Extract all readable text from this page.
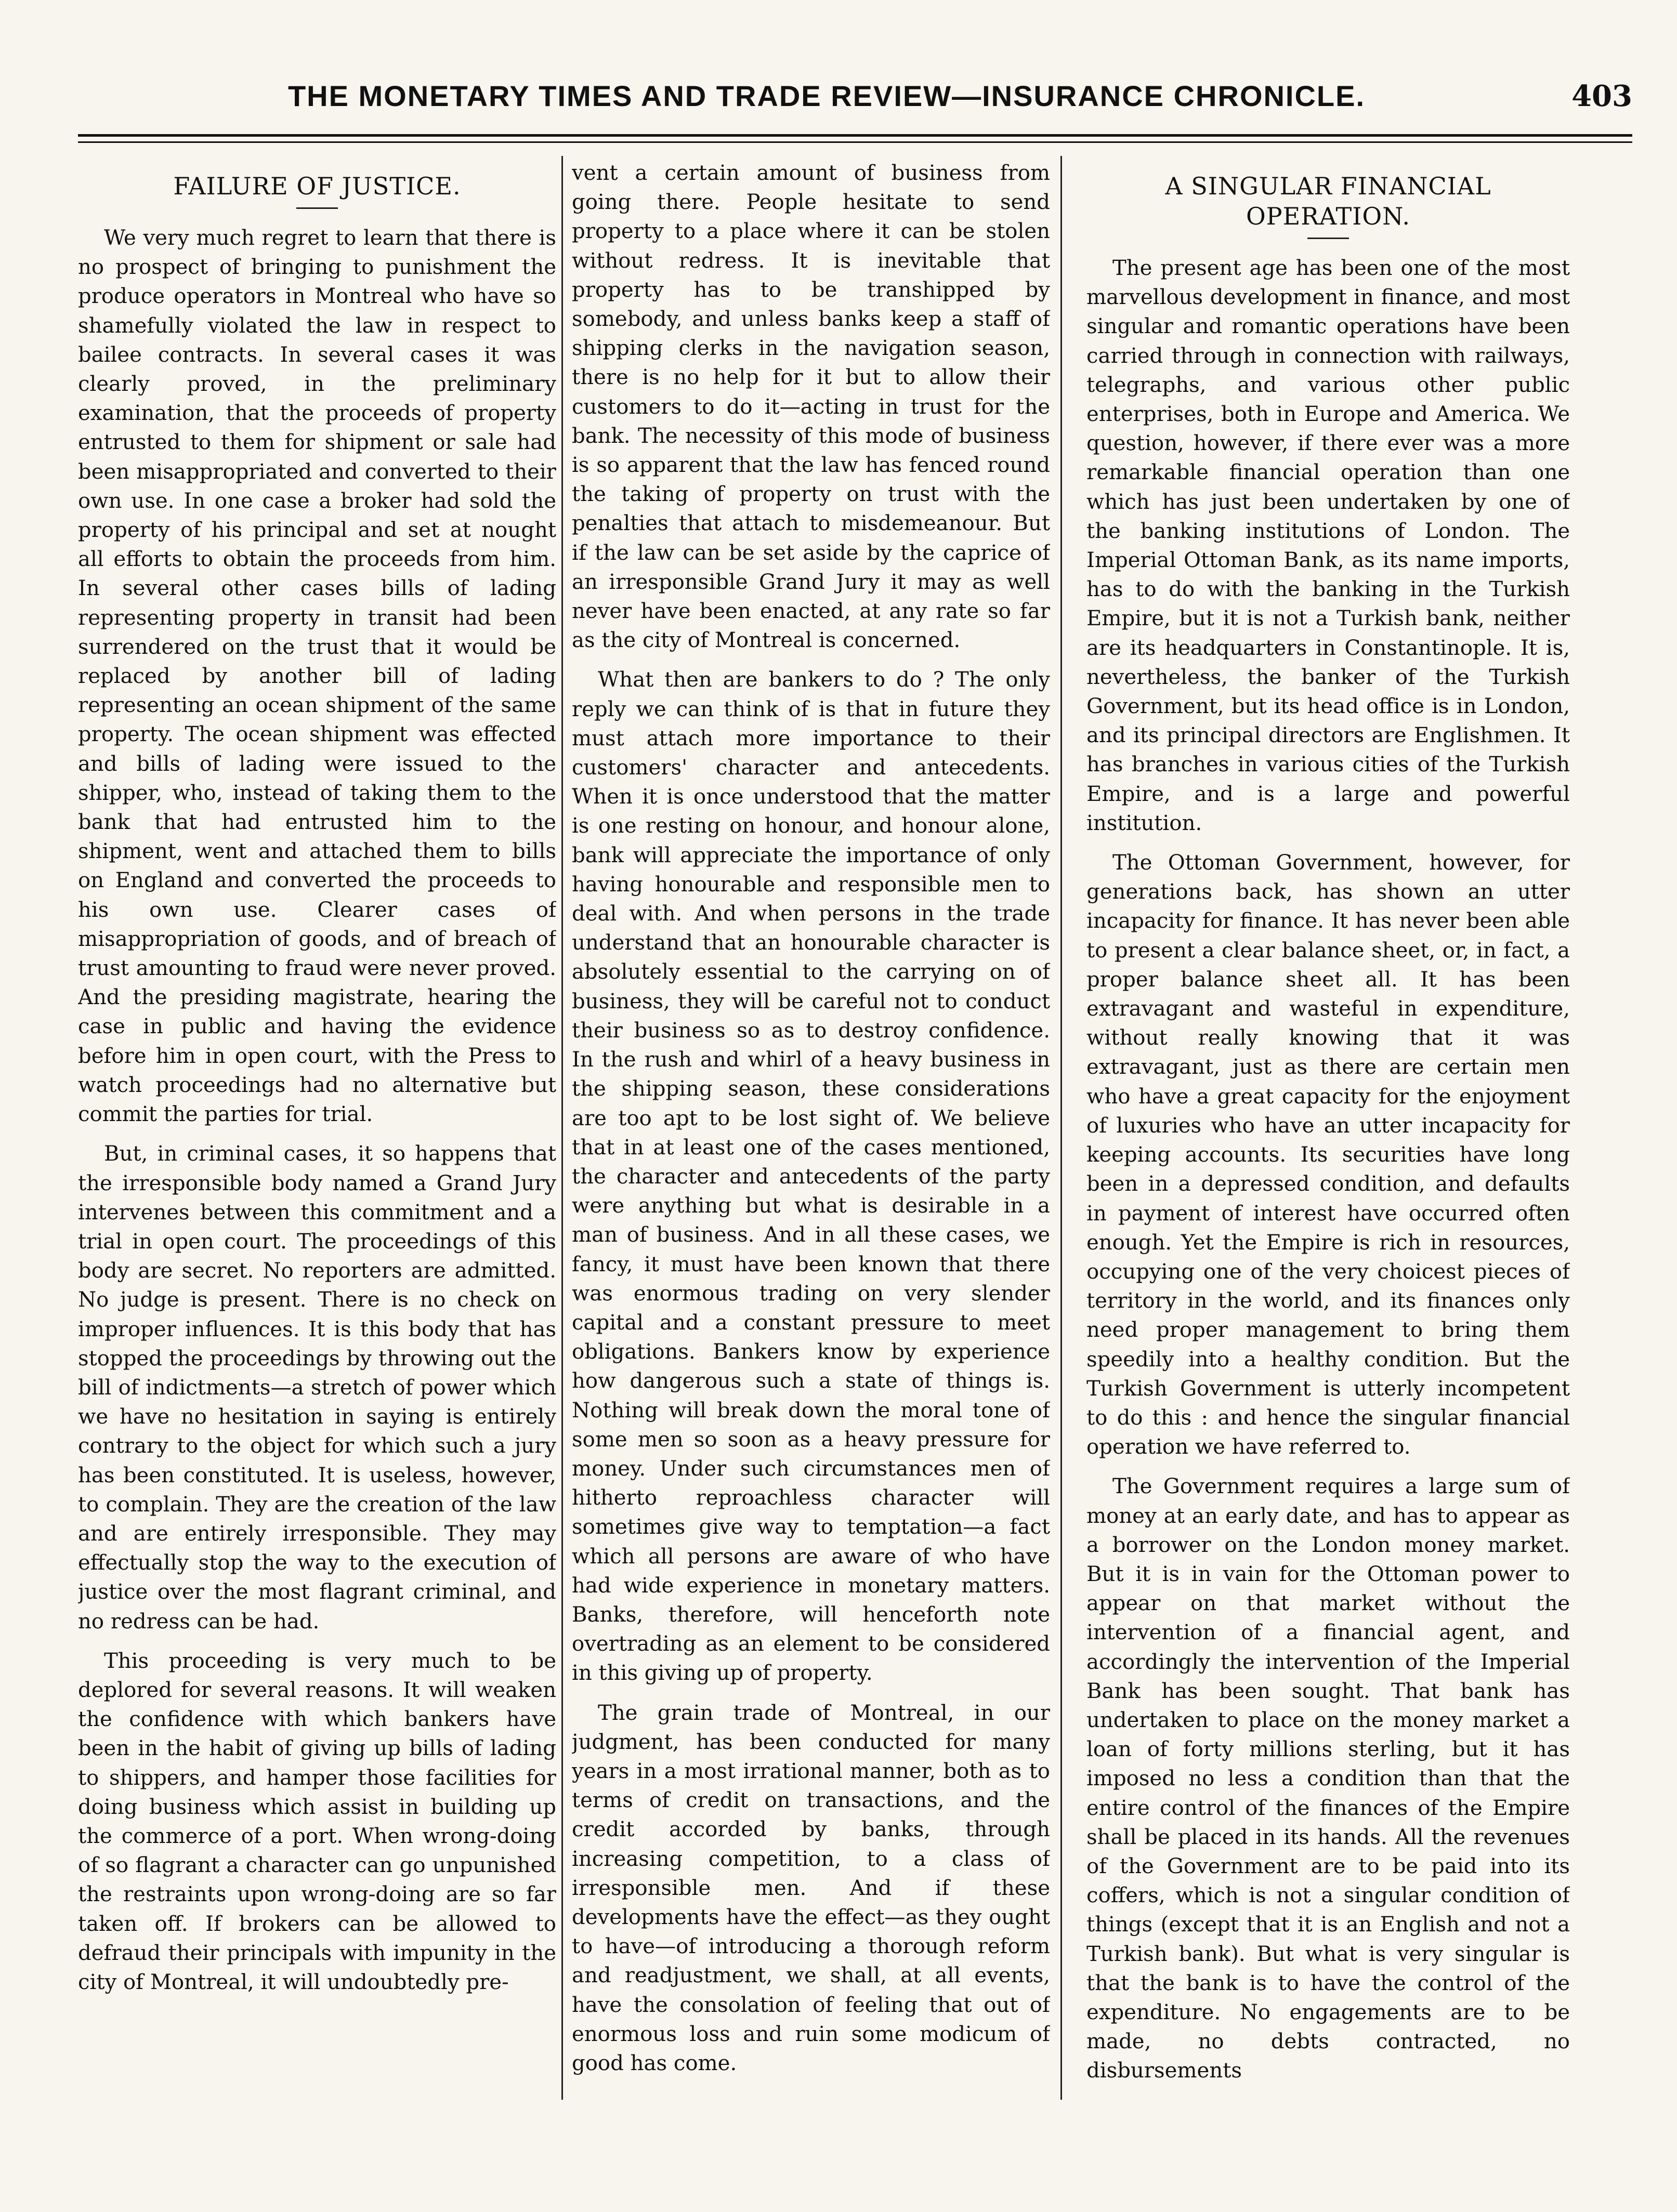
THE MONETARY TIMES AND TRADE REVIEW—INSURANCE CHRONICLE.	403
FAILURE OF JUSTICE.

We very much regret to learn that there is no prospect of bringing to punishment the produce operators in Montreal who have so shamefully violated the law in respect to bailee contracts. In several cases it was clearly proved, in the preliminary examination, that the proceeds of property entrusted to them for shipment or sale had been misappropriated and converted to their own use. In one case a broker had sold the property of his principal and set at nought all efforts to obtain the proceeds from him. In several other cases bills of lading representing property in transit had been surrendered on the trust that it would be replaced by another bill of lading representing an ocean shipment of the same property. The ocean shipment was effected and bills of lading were issued to the shipper, who, instead of taking them to the bank that had entrusted him to the shipment, went and attached them to bills on England and converted the proceeds to his own use. Clearer cases of misappropriation of goods, and of breach of trust amounting to fraud were never proved. And the presiding magistrate, hearing the case in public and having the evidence before him in open court, with the Press to watch proceedings had no alternative but commit the parties for trial.

But, in criminal cases, it so happens that the irresponsible body named a Grand Jury intervenes between this commitment and a trial in open court. The proceedings of this body are secret. No reporters are admitted. No judge is present. There is no check on improper influences. It is this body that has stopped the proceedings by throwing out the bill of indictments—a stretch of power which we have no hesitation in saying is entirely contrary to the object for which such a jury has been constituted. It is useless, however, to complain. They are the creation of the law and are entirely irresponsible. They may effectually stop the way to the execution of justice over the most flagrant criminal, and no redress can be had.

This proceeding is very much to be deplored for several reasons. It will weaken the confidence with which bankers have been in the habit of giving up bills of lading to shippers, and hamper those facilities for doing business which assist in building up the commerce of a port. When wrong-doing of so flagrant a character can go unpunished the restraints upon wrong-doing are so far taken off. If brokers can be allowed to defraud their principals with impunity in the city of Montreal, it will undoubtedly pre-

vent a certain amount of business from going there. People hesitate to send property to a place where it can be stolen without redress. It is inevitable that property has to be transhipped by somebody, and unless banks keep a staff of shipping clerks in the navigation season, there is no help for it but to allow their customers to do it—acting in trust for the bank. The necessity of this mode of business is so apparent that the law has fenced round the taking of property on trust with the penalties that attach to misdemeanour. But if the law can be set aside by the caprice of an irresponsible Grand Jury it may as well never have been enacted, at any rate so far as the city of Montreal is concerned.

What then are bankers to do ? The only reply we can think of is that in future they must attach more importance to their customers' character and antecedents. When it is once understood that the matter is one resting on honour, and honour alone, bank will appreciate the importance of only having honourable and responsible men to deal with. And when persons in the trade understand that an honourable character is absolutely essential to the carrying on of business, they will be careful not to conduct their business so as to destroy confidence. In the rush and whirl of a heavy business in the shipping season, these considerations are too apt to be lost sight of. We believe that in at least one of the cases mentioned, the character and antecedents of the party were anything but what is desirable in a man of business. And in all these cases, we fancy, it must have been known that there was enormous trading on very slender capital and a constant pressure to meet obligations. Bankers know by experience how dangerous such a state of things is. Nothing will break down the moral tone of some men so soon as a heavy pressure for money. Under such circumstances men of hitherto reproachless character will sometimes give way to temptation—a fact which all persons are aware of who have had wide experience in monetary matters. Banks, therefore, will henceforth note overtrading as an element to be considered in this giving up of property.

The grain trade of Montreal, in our judgment, has been conducted for many years in a most irrational manner, both as to terms of credit on transactions, and the credit accorded by banks, through increasing competition, to a class of irresponsible men. And if these developments have the effect—as they ought to have—of introducing a thorough reform and readjustment, we shall, at all events, have the consolation of feeling that out of enormous loss and ruin some modicum of good has come.

A SINGULAR FINANCIAL OPERATION.

The present age has been one of the most marvellous development in finance, and most singular and romantic operations have been carried through in connection with railways, telegraphs, and various other public enterprises, both in Europe and America. We question, however, if there ever was a more remarkable financial operation than one which has just been undertaken by one of the banking institutions of London. The Imperial Ottoman Bank, as its name imports, has to do with the banking in the Turkish Empire, but it is not a Turkish bank, neither are its headquarters in Constantinople. It is, nevertheless, the banker of the Turkish Government, but its head office is in London, and its principal directors are Englishmen. It has branches in various cities of the Turkish Empire, and is a large and powerful institution.

The Ottoman Government, however, for generations back, has shown an utter incapacity for finance. It has never been able to present a clear balance sheet, or, in fact, a proper balance sheet all. It has been extravagant and wasteful in expenditure, without really knowing that it was extravagant, just as there are certain men who have a great capacity for the enjoyment of luxuries who have an utter incapacity for keeping accounts. Its securities have long been in a depressed condition, and defaults in payment of interest have occurred often enough. Yet the Empire is rich in resources, occupying one of the very choicest pieces of territory in the world, and its finances only need proper management to bring them speedily into a healthy condition. But the Turkish Government is utterly incompetent to do this : and hence the singular financial operation we have referred to.

The Government requires a large sum of money at an early date, and has to appear as a borrower on the London money market. But it is in vain for the Ottoman power to appear on that market without the intervention of a financial agent, and accordingly the intervention of the Imperial Bank has been sought. That bank has undertaken to place on the money market a loan of forty millions sterling, but it has imposed no less a condition than that the entire control of the finances of the Empire shall be placed in its hands. All the revenues of the Government are to be paid into its coffers, which is not a singular condition of things (except that it is an English and not a Turkish bank). But what is very singular is that the bank is to have the control of the expenditure. No engagements are to be made, no debts contracted, no disbursements
